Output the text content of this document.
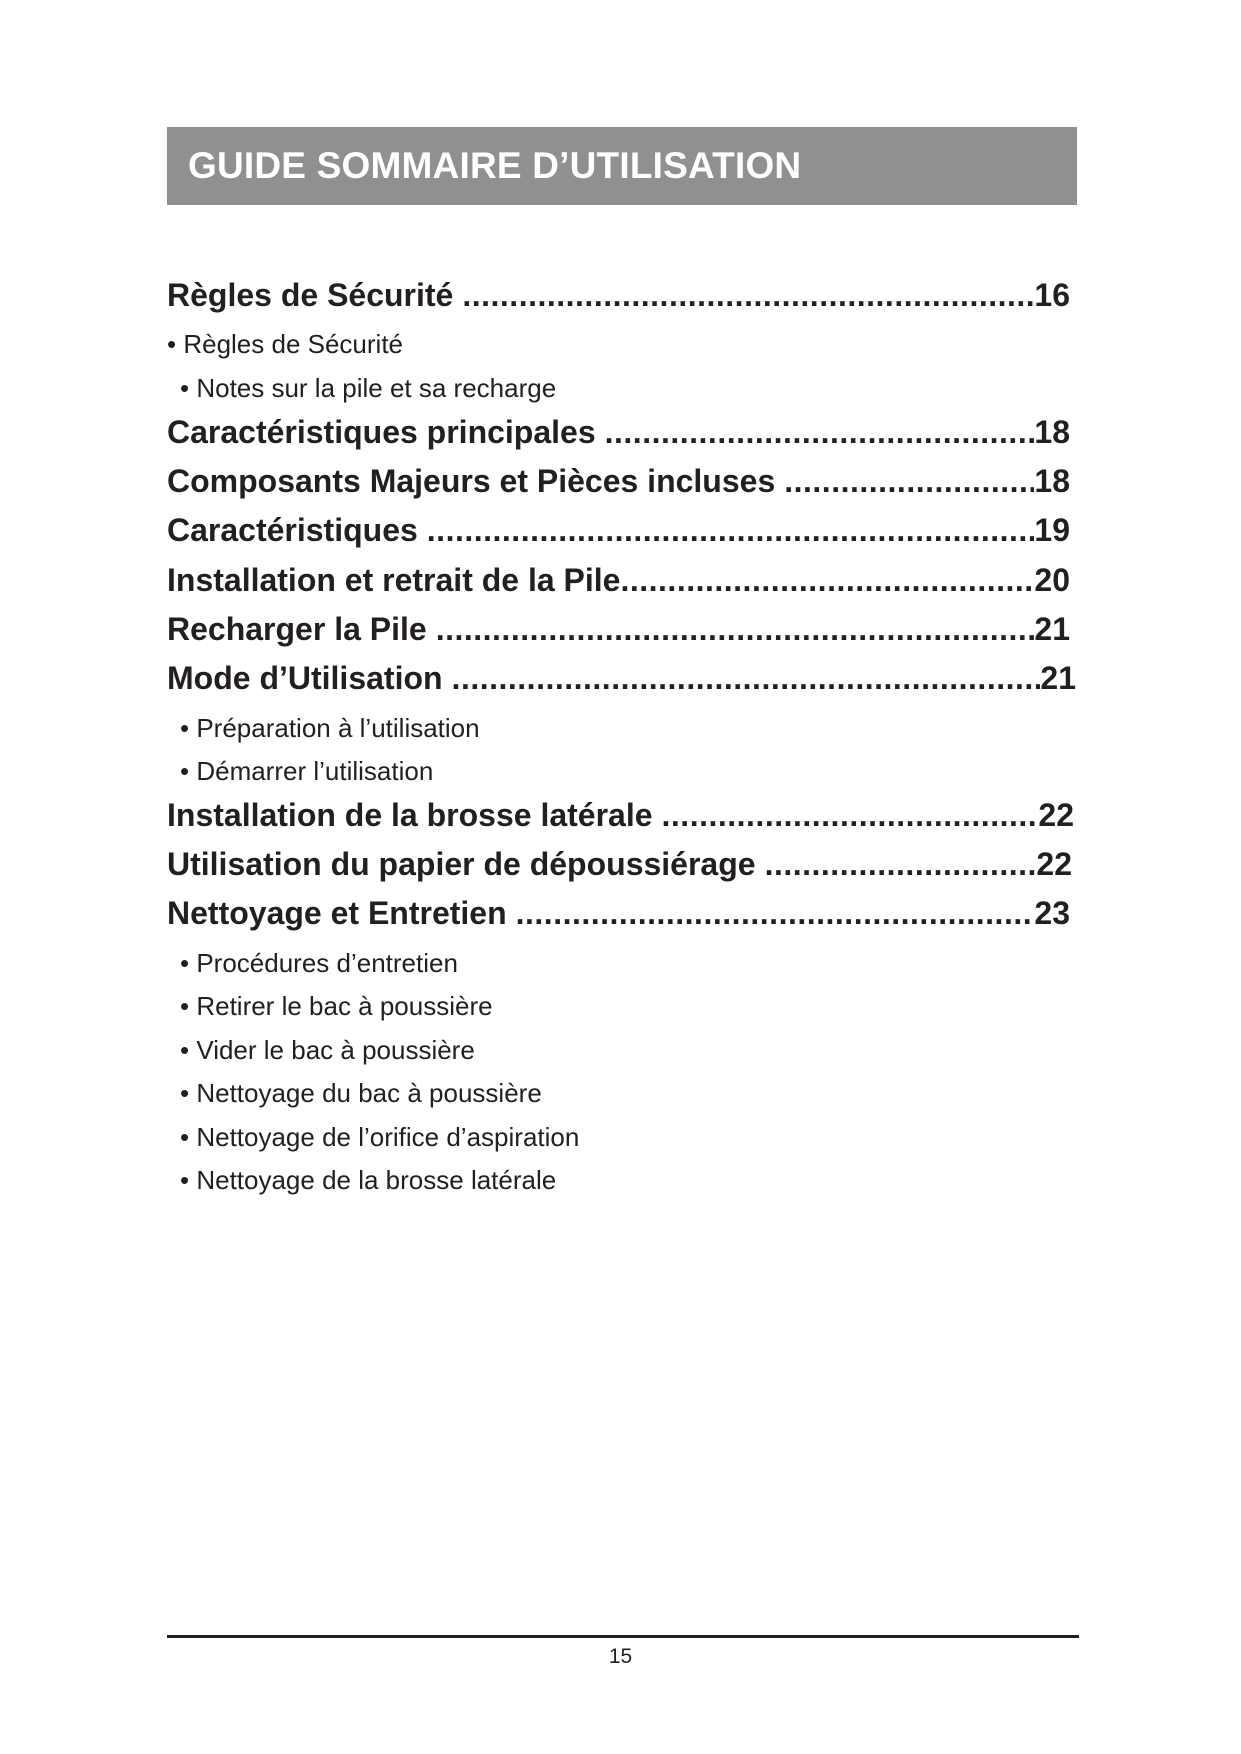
GUIDE SOMMAIRE D’UTILISATION
Règles de Sécurité .....	16
• Règles de Sécurité
• Notes sur la pile et sa recharge
Caractéristiques principales .....	18
Composants Majeurs et Pièces incluses .....	18
Caractéristiques .....	19
Installation et retrait de la Pile .....	20
Recharger la Pile .....	21
Mode d’Utilisation .....	21
• Préparation à l’utilisation
• Démarrer l’utilisation
Installation de la brosse latérale .....	22
Utilisation du papier de dépoussiérage .....	22
Nettoyage et Entretien .....	23
• Procédures d’entretien
• Retirer le bac à poussière
• Vider le bac à poussière
• Nettoyage du bac à poussière
• Nettoyage de l’orifice d’aspiration
• Nettoyage de la brosse latérale
15
